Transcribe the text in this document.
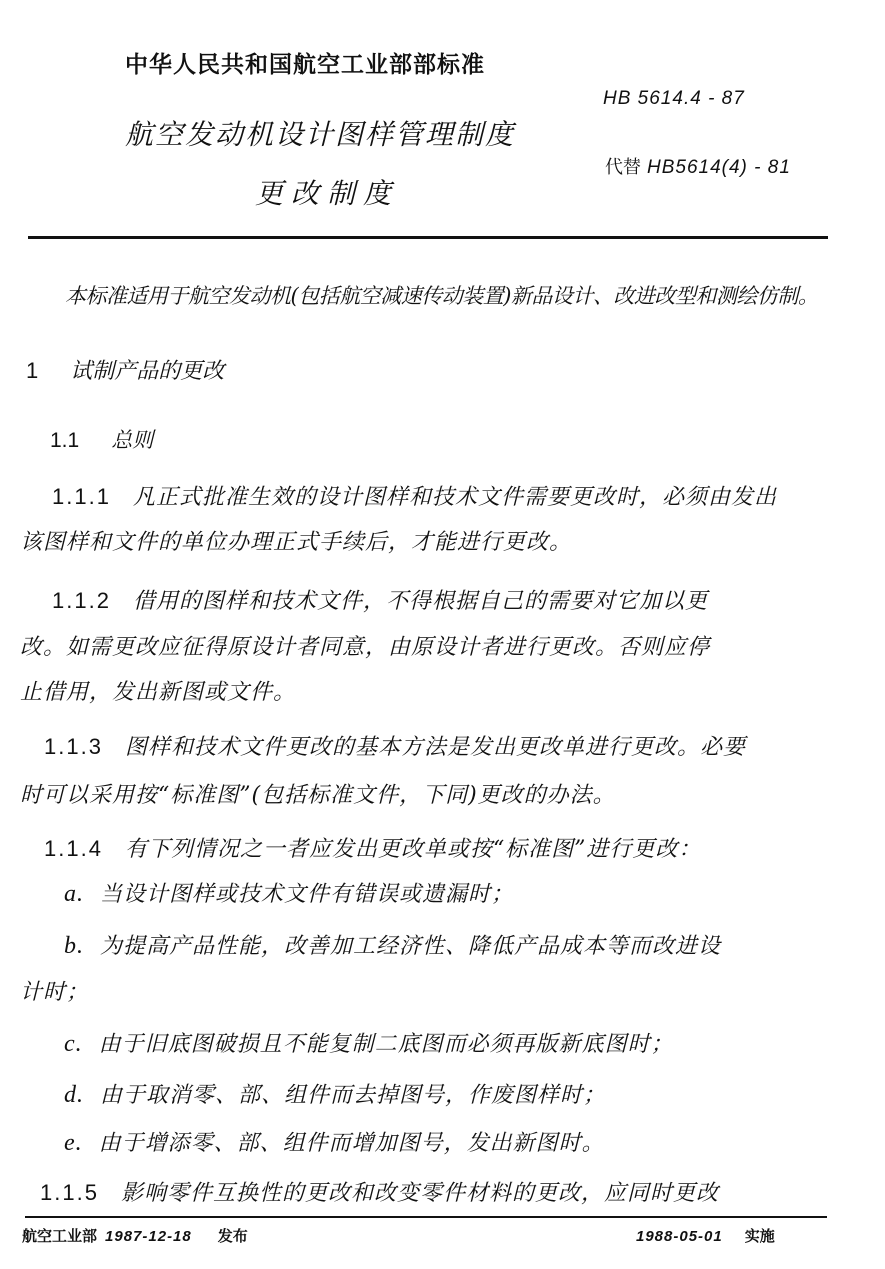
中华人民共和国航空工业部部标准
HB 5614.4 - 87
代替 HB5614(4) - 81
航空发动机设计图样管理制度
更改制度
本标准适用于航空发动机(包括航空减速传动装置)新品设计、改进改型和测绘仿制。
1 试制产品的更改
1.1 总则
1.1.1 凡正式批准生效的设计图样和技术文件需要更改时，必须由发出
该图样和文件的单位办理正式手续后，才能进行更改。
1.1.2 借用的图样和技术文件，不得根据自己的需要对它加以更
改。如需更改应征得原设计者同意，由原设计者进行更改。否则应停
止借用，发出新图或文件。
1.1.3 图样和技术文件更改的基本方法是发出更改单进行更改。必要
时可以采用按“标准图”(包括标准文件，下同)更改的办法。
1.1.4 有下列情况之一者应发出更改单或按“标准图”进行更改：
a. 当设计图样或技术文件有错误或遗漏时；
b. 为提高产品性能，改善加工经济性、降低产品成本等而改进设
计时；
c. 由于旧底图破损且不能复制二底图而必须再版新底图时；
d. 由于取消零、部、组件而去掉图号，作废图样时；
e. 由于增添零、部、组件而增加图号，发出新图时。
1.1.5 影响零件互换性的更改和改变零件材料的更改，应同时更改
航空工业部 1987-12-18 发布	1988-05-01 实施
